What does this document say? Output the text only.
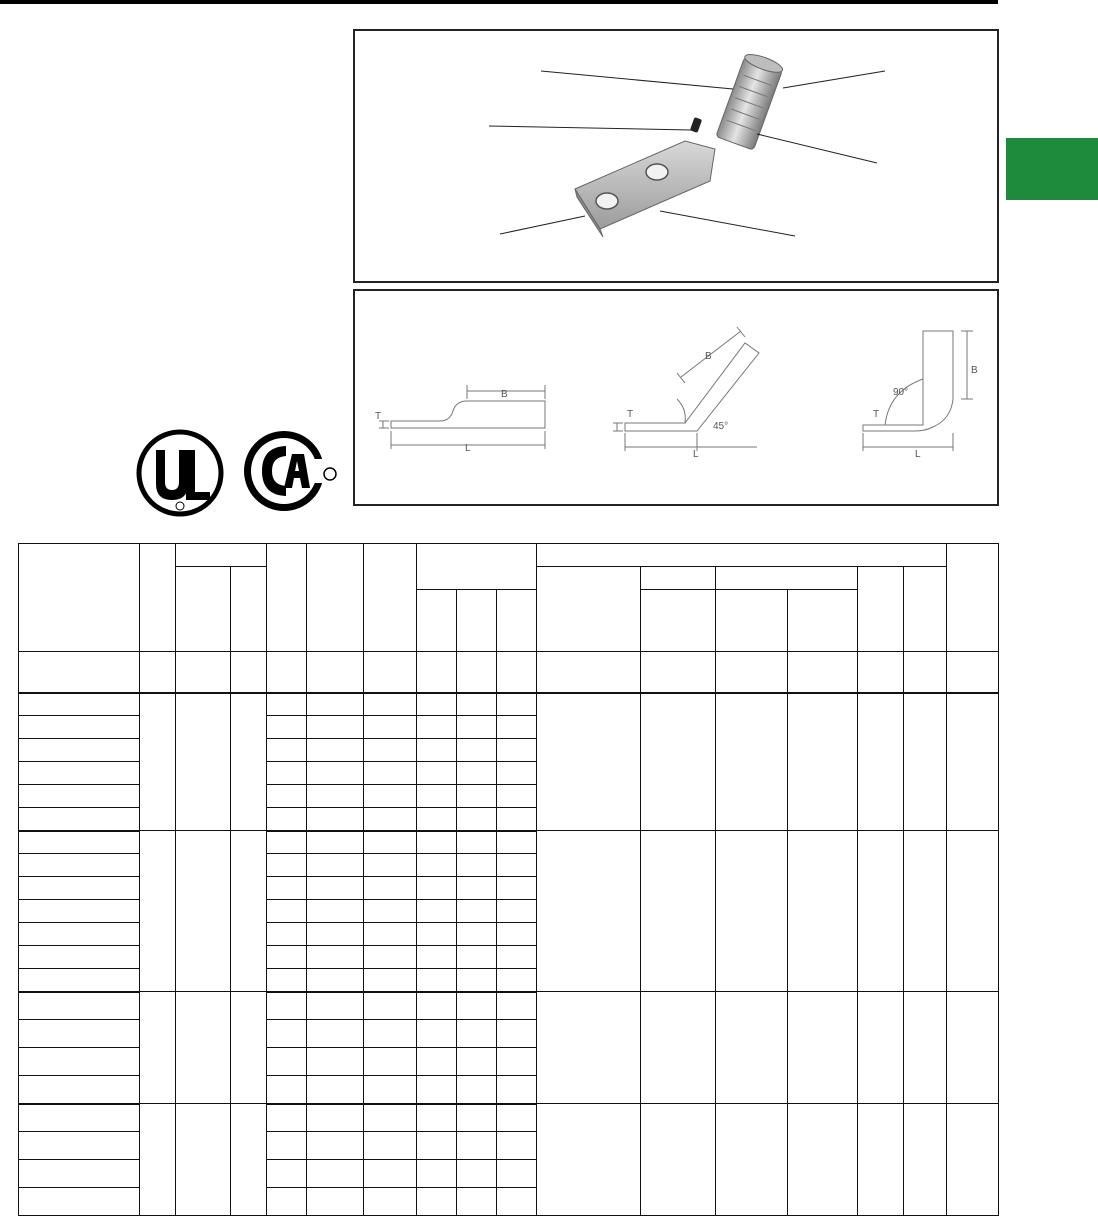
B
L
T
B
L
T
45°
B
L
T
90°
